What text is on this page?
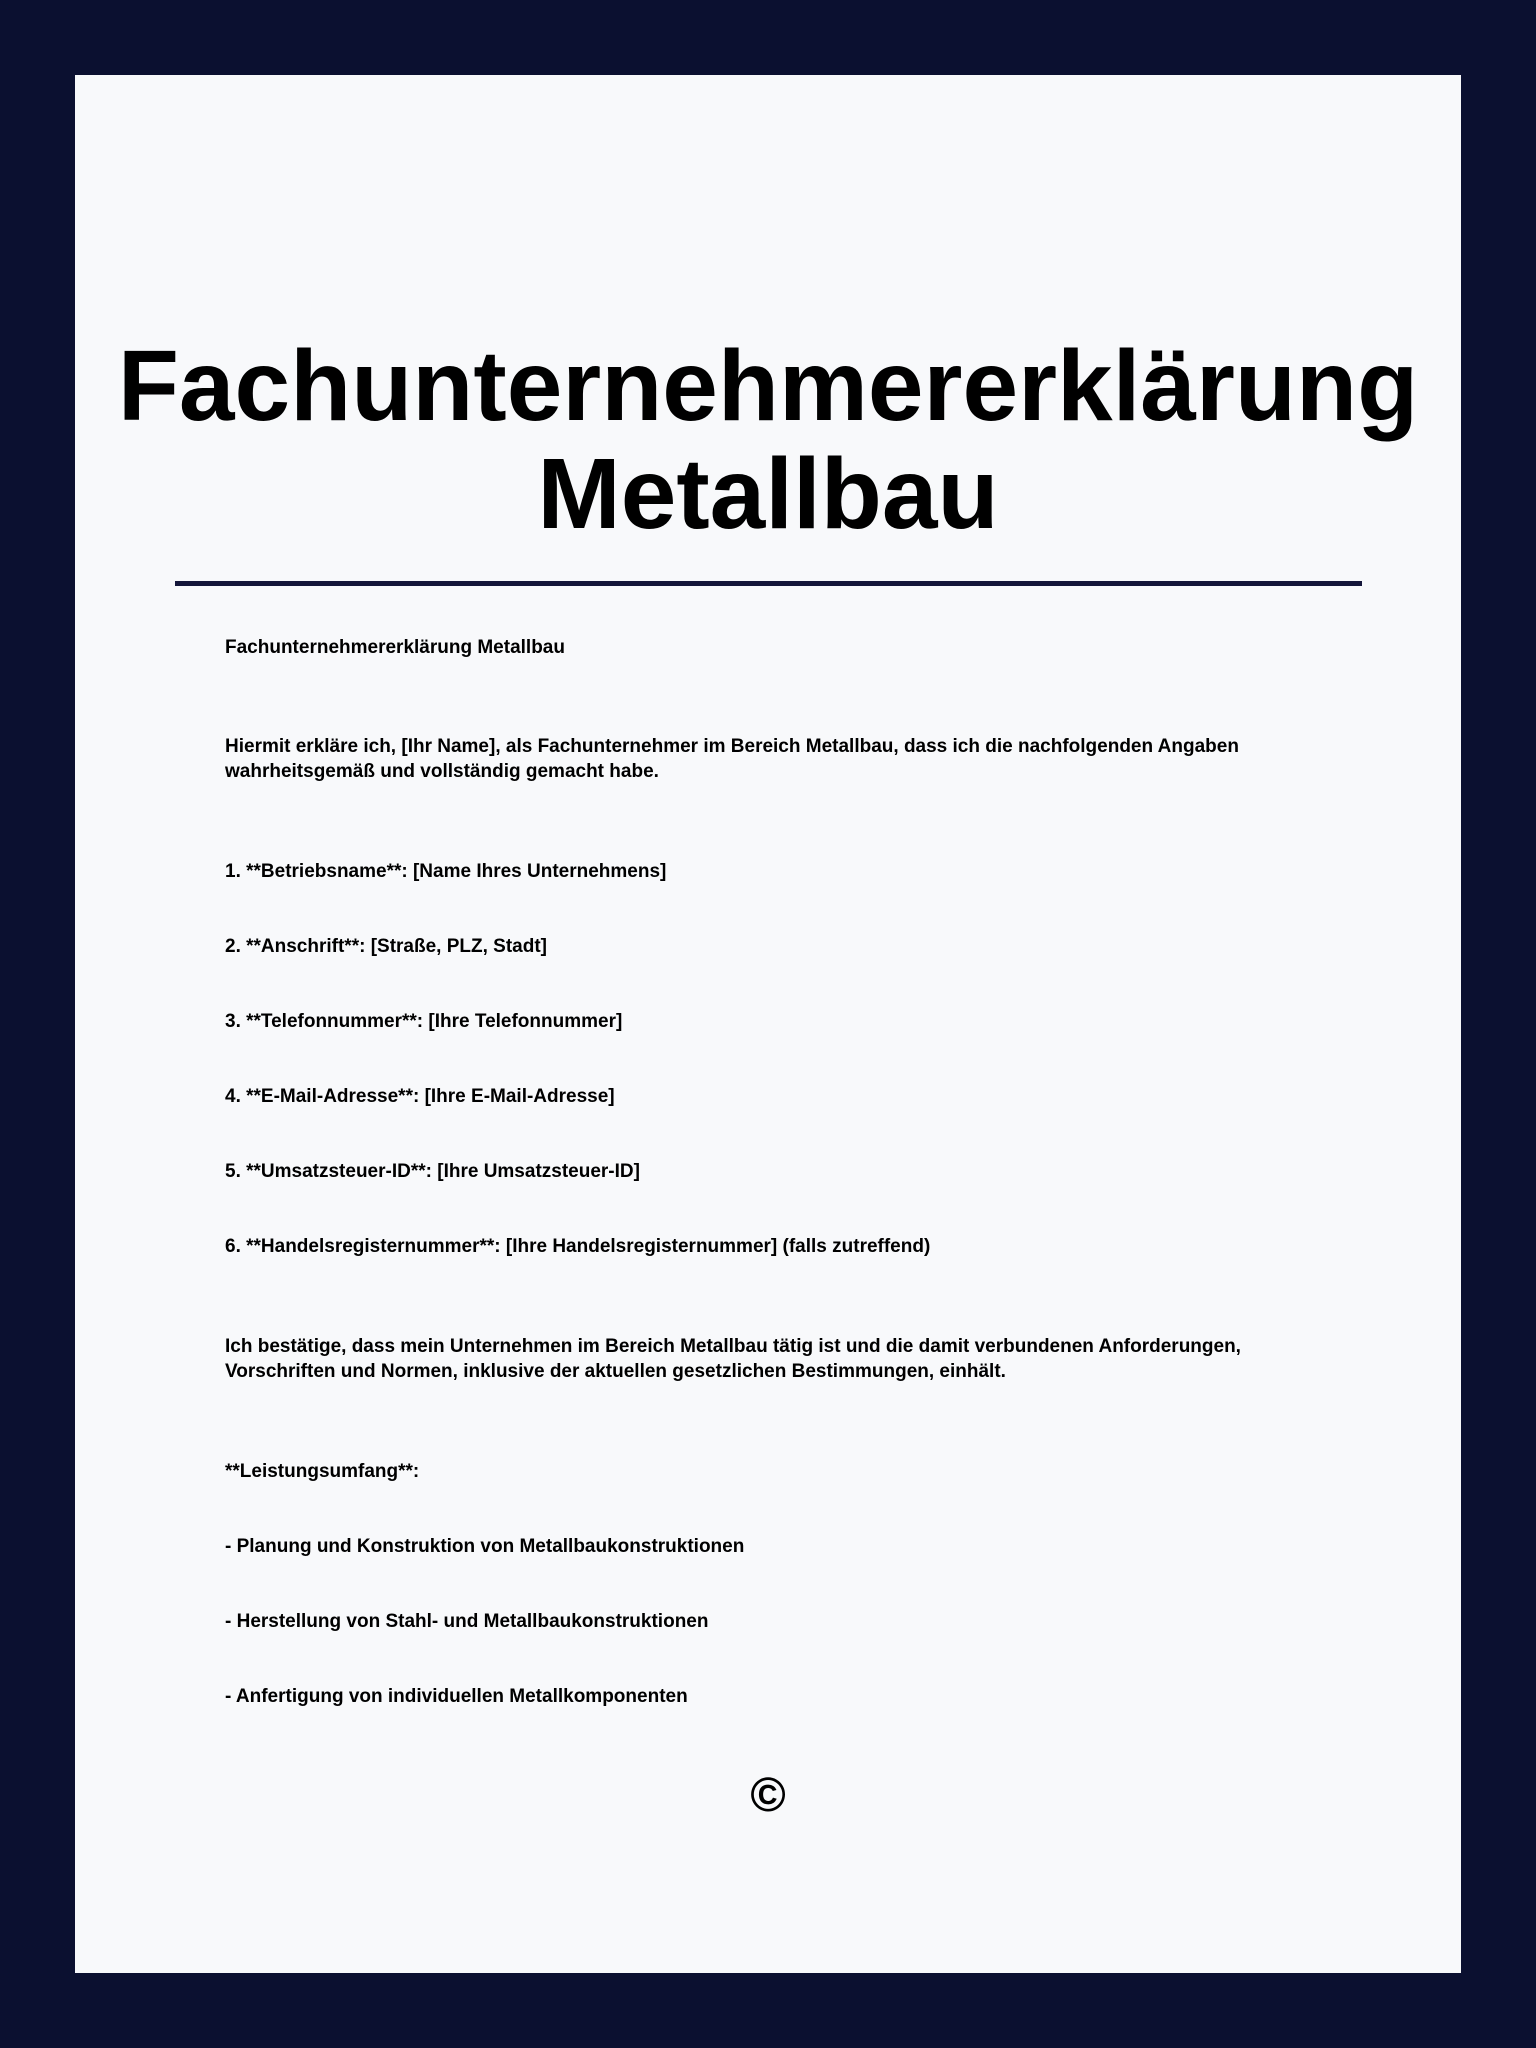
Fachunternehmererklärung
Metallbau

Fachunternehmererklärung Metallbau

Hiermit erkläre ich, [Ihr Name], als Fachunternehmer im Bereich Metallbau, dass ich die nachfolgenden Angaben wahrheitsgemäß und vollständig gemacht habe.

1. **Betriebsname**: [Name Ihres Unternehmens]

2. **Anschrift**: [Straße, PLZ, Stadt]

3. **Telefonnummer**: [Ihre Telefonnummer]

4. **E-Mail-Adresse**: [Ihre E-Mail-Adresse]

5. **Umsatzsteuer-ID**: [Ihre Umsatzsteuer-ID]

6. **Handelsregisternummer**: [Ihre Handelsregisternummer] (falls zutreffend)

Ich bestätige, dass mein Unternehmen im Bereich Metallbau tätig ist und die damit verbundenen Anforderungen, Vorschriften und Normen, inklusive der aktuellen gesetzlichen Bestimmungen, einhält.

**Leistungsumfang**:

- Planung und Konstruktion von Metallbaukonstruktionen

- Herstellung von Stahl- und Metallbaukonstruktionen

- Anfertigung von individuellen Metallkomponenten

©
